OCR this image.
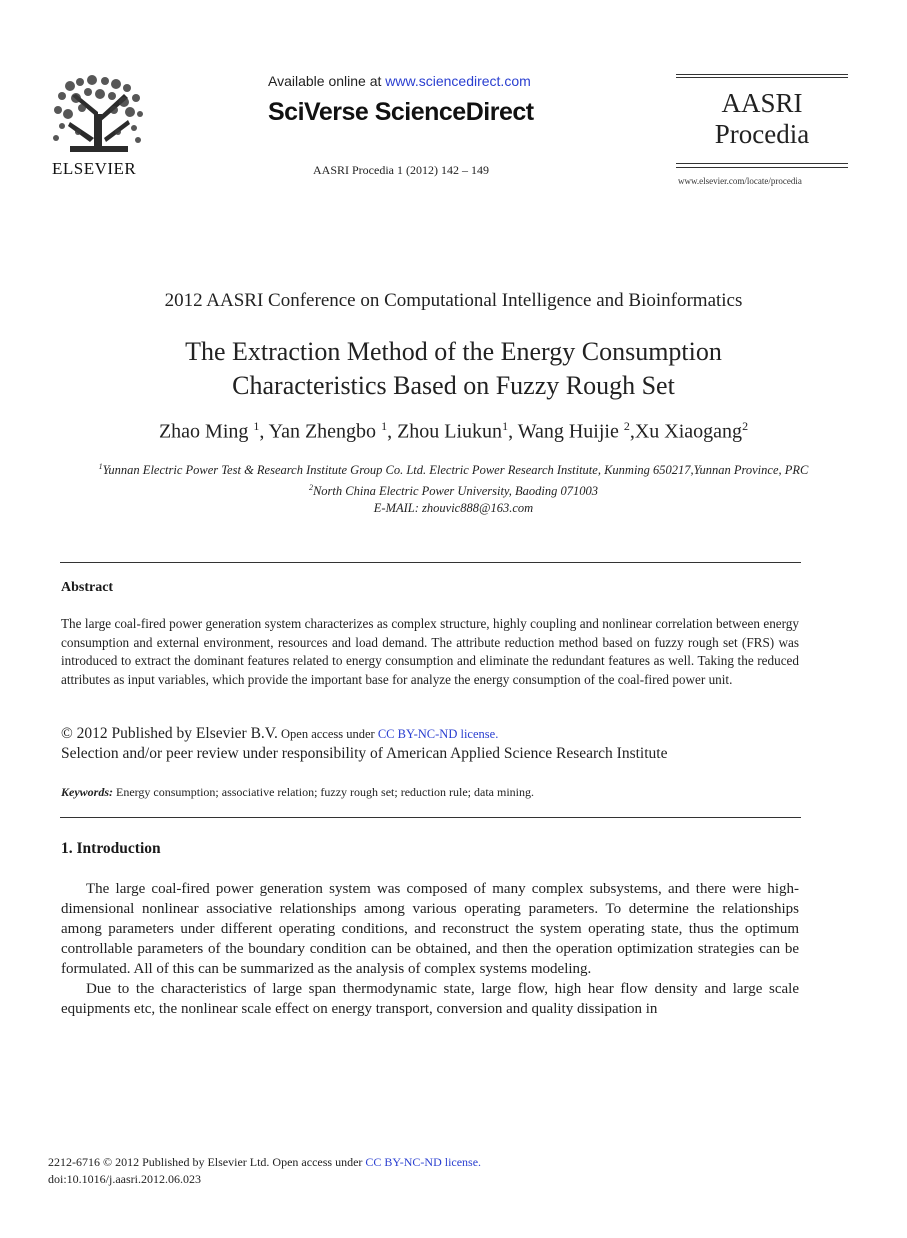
ELSEVIER
Available online at www.sciencedirect.com
SciVerse ScienceDirect
AASRI Procedia 1 (2012) 142 – 149
AASRI
Procedia
www.elsevier.com/locate/procedia
2012 AASRI Conference on Computational Intelligence and Bioinformatics
The Extraction Method of the Energy Consumption
Characteristics Based on Fuzzy Rough Set
Zhao Ming $^1$, Yan Zhengbo $^1$, Zhou Liukun$^1$, Wang Huijie $^2$,Xu Xiaogang$^2$
$^1$Yunnan Electric Power Test & Research Institute Group Co. Ltd. Electric Power Research Institute, Kunming 650217,Yunnan Province, PRC
$^2$North China Electric Power University, Baoding 071003
E-MAIL: zhouvic888@163.com
Abstract
The large coal-fired power generation system characterizes as complex structure, highly coupling and nonlinear correlation between energy consumption and external environment, resources and load demand. The attribute reduction method based on fuzzy rough set (FRS) was introduced to extract the dominant features related to energy consumption and eliminate the redundant features as well. Taking the reduced attributes as input variables, which provide the important base for analyze the energy consumption of the coal-fired power unit.
© 2012 Published by Elsevier B.V. Open access under CC BY-NC-ND license.
Selection and/or peer review under responsibility of American Applied Science Research Institute
Keywords: Energy consumption; associative relation; fuzzy rough set; reduction rule; data mining.
1. Introduction

The large coal-fired power generation system was composed of many complex subsystems, and there were high-dimensional nonlinear associative relationships among various operating parameters. To determine the relationships among parameters under different operating conditions, and reconstruct the system operating state, thus the optimum controllable parameters of the boundary condition can be obtained, and then the operation optimization strategies can be formulated. All of this can be summarized as the analysis of complex systems modeling.

Due to the characteristics of large span thermodynamic state, large flow, high hear flow density and large scale equipments etc, the nonlinear scale effect on energy transport, conversion and quality dissipation in

2212-6716 © 2012 Published by Elsevier Ltd. Open access under CC BY-NC-ND license.
doi:10.1016/j.aasri.2012.06.023
